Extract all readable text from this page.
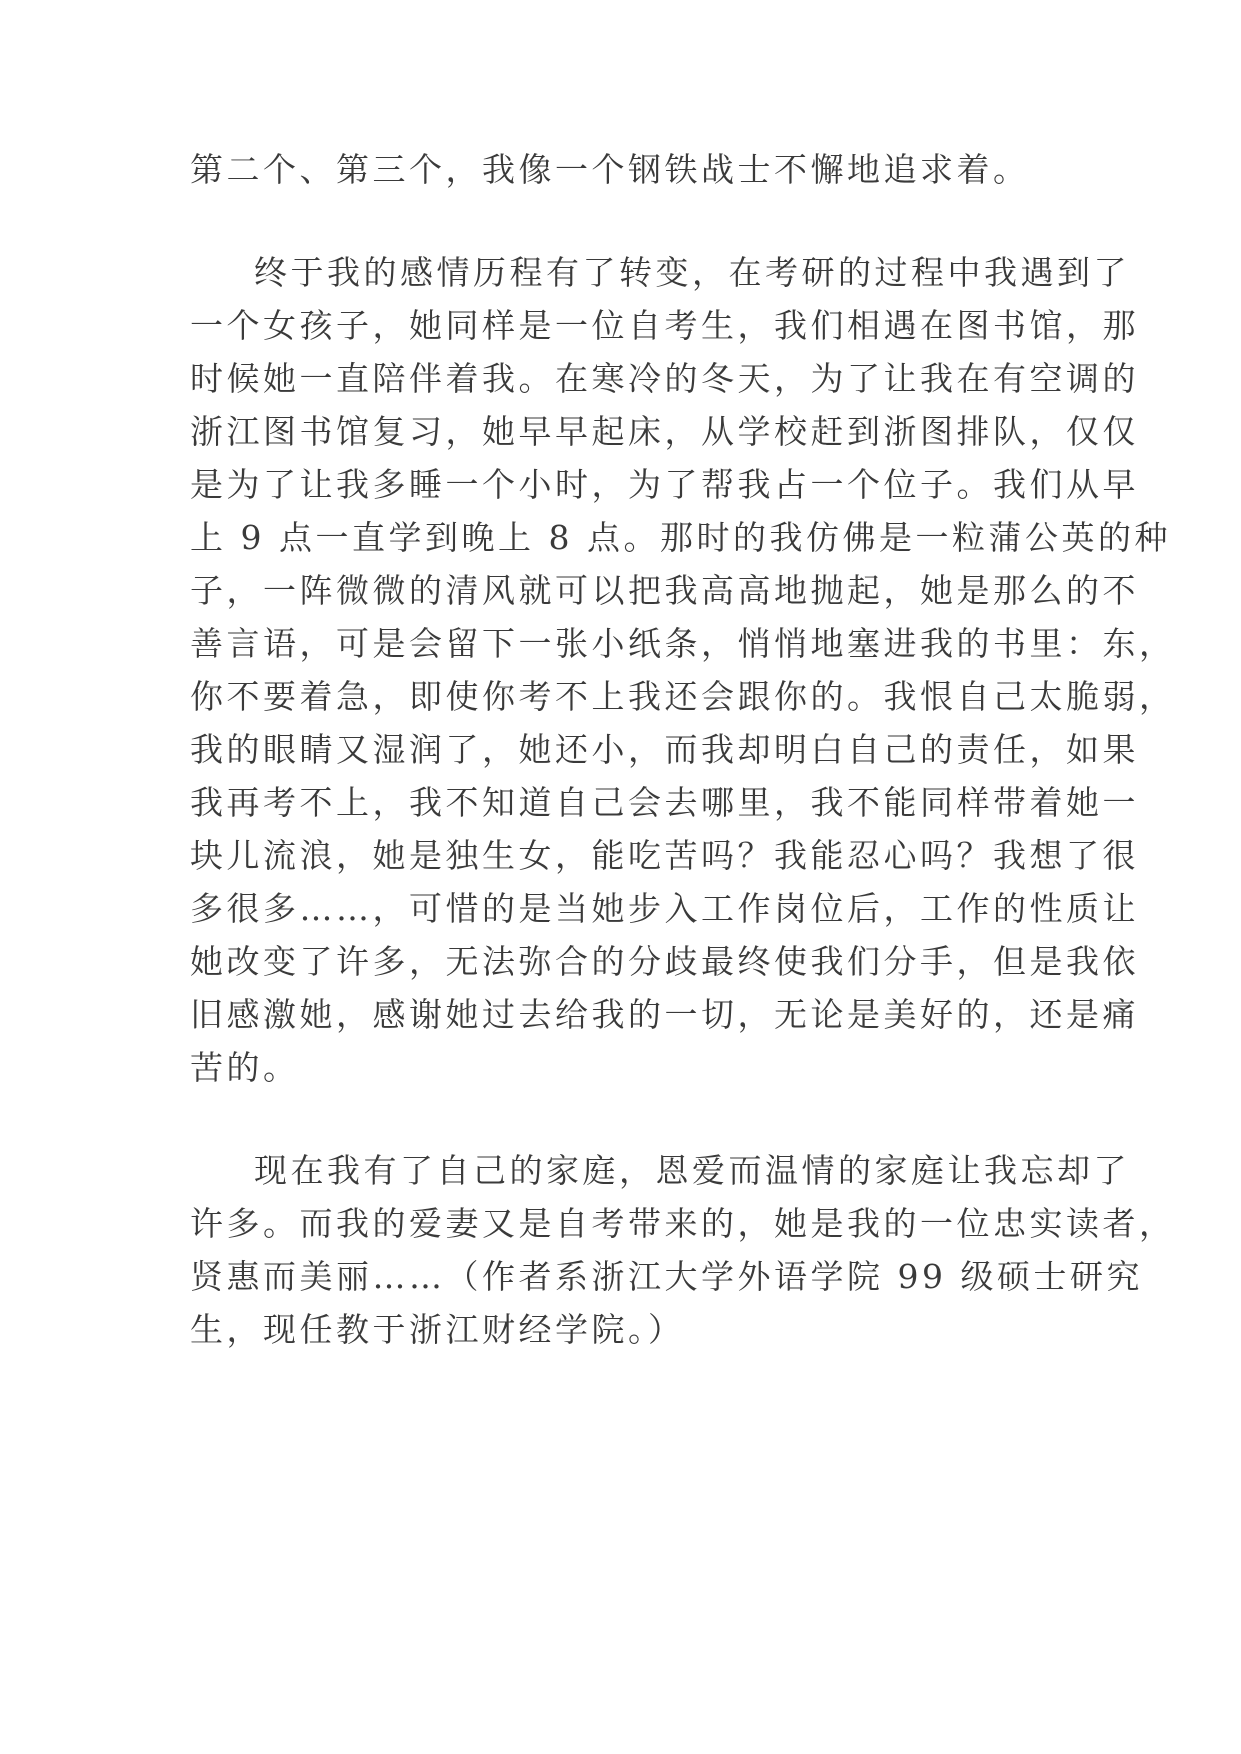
第二个、第三个，我像一个钢铁战士不懈地追求着。
终于我的感情历程有了转变，在考研的过程中我遇到了
一个女孩子，她同样是一位自考生，我们相遇在图书馆，那
时候她一直陪伴着我。在寒冷的冬天，为了让我在有空调的
浙江图书馆复习，她早早起床，从学校赶到浙图排队，仅仅
是为了让我多睡一个小时，为了帮我占一个位子。我们从早
上 9 点一直学到晚上 8 点。那时的我仿佛是一粒蒲公英的种
子，一阵微微的清风就可以把我高高地抛起，她是那么的不
善言语，可是会留下一张小纸条，悄悄地塞进我的书里：东，
你不要着急，即使你考不上我还会跟你的。我恨自己太脆弱，
我的眼睛又湿润了，她还小，而我却明白自己的责任，如果
我再考不上，我不知道自己会去哪里，我不能同样带着她一
块儿流浪，她是独生女，能吃苦吗？我能忍心吗？我想了很
多很多……，可惜的是当她步入工作岗位后，工作的性质让
她改变了许多，无法弥合的分歧最终使我们分手，但是我依
旧感激她，感谢她过去给我的一切，无论是美好的，还是痛
苦的。
现在我有了自己的家庭，恩爱而温情的家庭让我忘却了
许多。而我的爱妻又是自考带来的，她是我的一位忠实读者，
贤惠而美丽……（作者系浙江大学外语学院 99 级硕士研究
生，现任教于浙江财经学院。）
